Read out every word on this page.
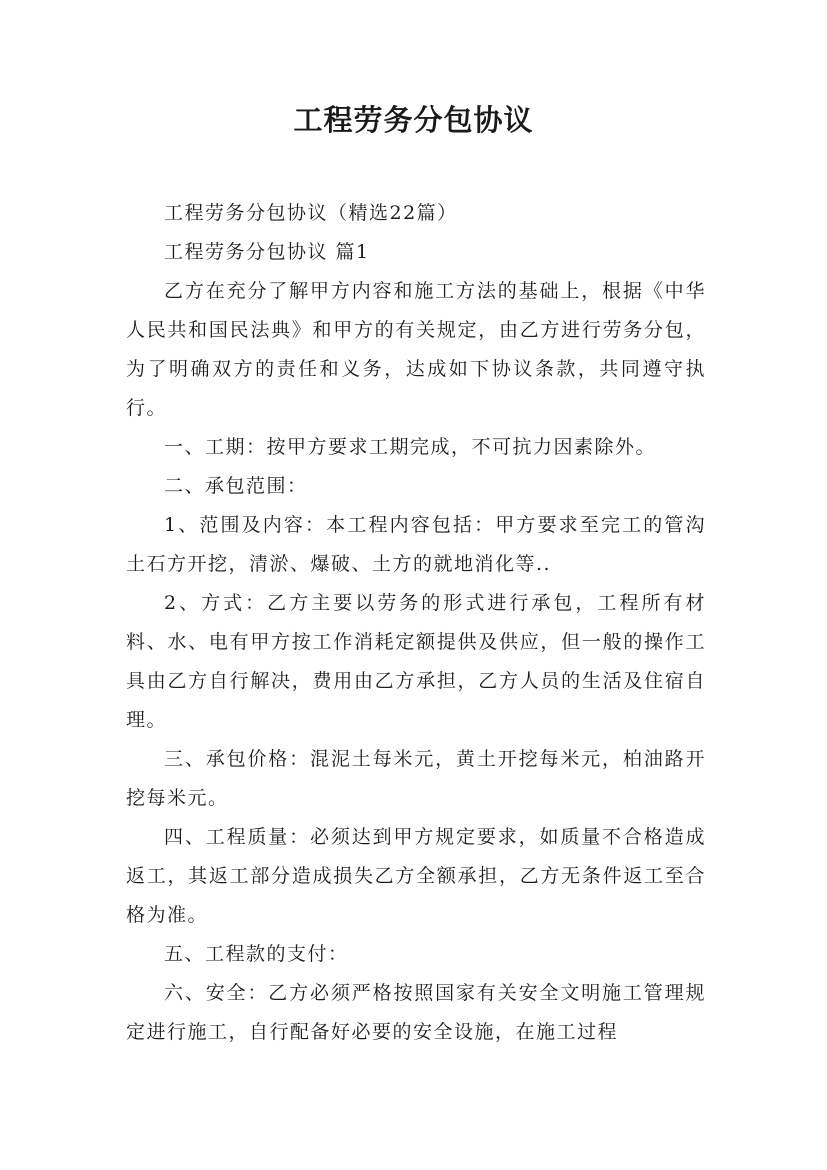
工程劳务分包协议

工程劳务分包协议（精选22篇）

工程劳务分包协议 篇1

乙方在充分了解甲方内容和施工方法的基础上，根据《中华人民共和国民法典》和甲方的有关规定，由乙方进行劳务分包，为了明确双方的责任和义务，达成如下协议条款，共同遵守执行。

一、工期：按甲方要求工期完成，不可抗力因素除外。

二、承包范围：

1、范围及内容：本工程内容包括：甲方要求至完工的管沟土石方开挖，清淤、爆破、土方的就地消化等..

2、方式：乙方主要以劳务的形式进行承包，工程所有材料、水、电有甲方按工作消耗定额提供及供应，但一般的操作工具由乙方自行解决，费用由乙方承担，乙方人员的生活及住宿自理。

三、承包价格：混泥土每米元，黄土开挖每米元，柏油路开挖每米元。

四、工程质量：必须达到甲方规定要求，如质量不合格造成返工，其返工部分造成损失乙方全额承担，乙方无条件返工至合格为准。

五、工程款的支付：

六、安全：乙方必须严格按照国家有关安全文明施工管理规定进行施工，自行配备好必要的安全设施，在施工过程
